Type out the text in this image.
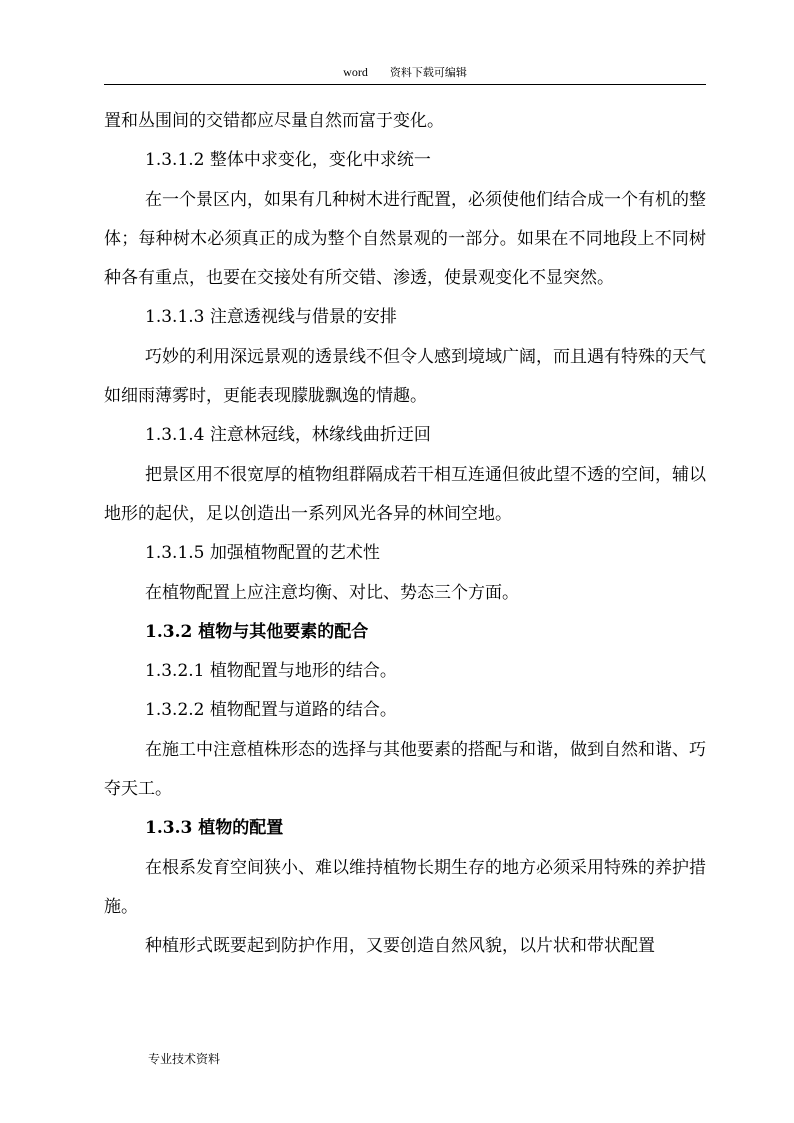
word 资料下载可编辑

置和丛围间的交错都应尽量自然而富于变化。

1.3.1.2 整体中求变化，变化中求统一

在一个景区内，如果有几种树木进行配置，必须使他们结合成一个有机的整体；每种树木必须真正的成为整个自然景观的一部分。如果在不同地段上不同树种各有重点，也要在交接处有所交错、渗透，使景观变化不显突然。

1.3.1.3 注意透视线与借景的安排

巧妙的利用深远景观的透景线不但令人感到境域广阔，而且遇有特殊的天气如细雨薄雾时，更能表现朦胧飘逸的情趣。

1.3.1.4 注意林冠线，林缘线曲折迂回

把景区用不很宽厚的植物组群隔成若干相互连通但彼此望不透的空间，辅以地形的起伏，足以创造出一系列风光各异的林间空地。

1.3.1.5 加强植物配置的艺术性

在植物配置上应注意均衡、对比、势态三个方面。

1.3.2 植物与其他要素的配合

1.3.2.1 植物配置与地形的结合。

1.3.2.2 植物配置与道路的结合。

在施工中注意植株形态的选择与其他要素的搭配与和谐，做到自然和谐、巧夺天工。

1.3.3 植物的配置

在根系发育空间狭小、难以维持植物长期生存的地方必须采用特殊的养护措施。

种植形式既要起到防护作用，又要创造自然风貌，以片状和带状配置

专业技术资料
